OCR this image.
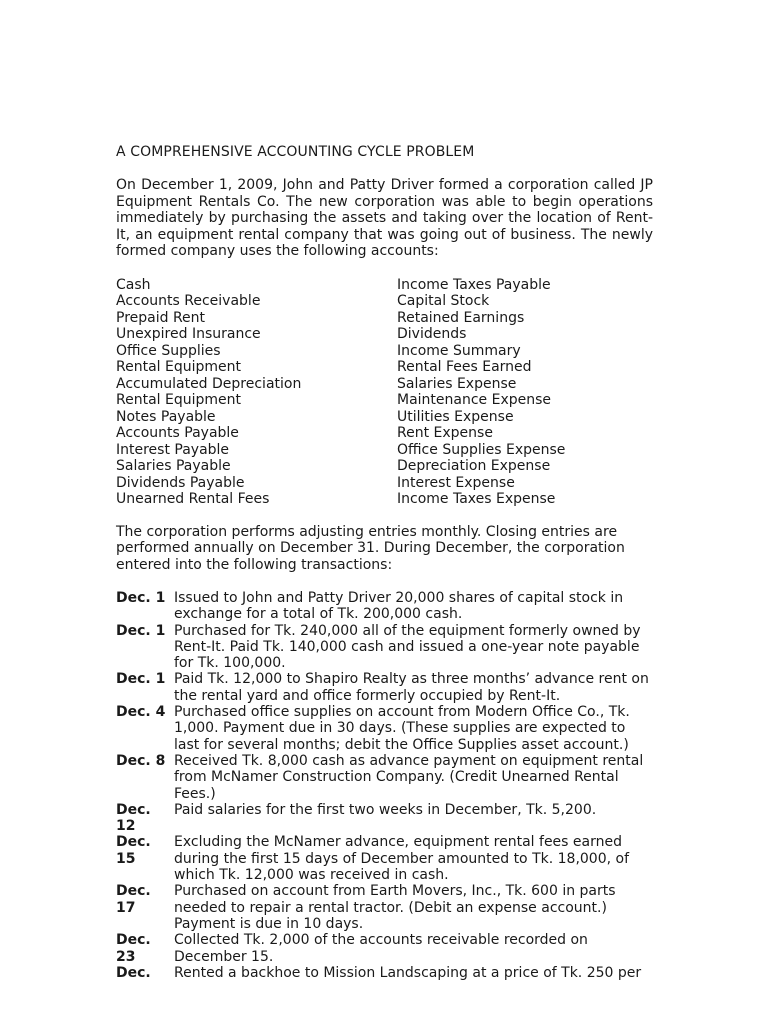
A COMPREHENSIVE ACCOUNTING CYCLE PROBLEM

On December 1, 2009, John and Patty Driver formed a corporation called JP Equipment Rentals Co. The new corporation was able to begin operations immediately by purchasing the assets and taking over the location of Rent-It, an equipment rental company that was going out of business. The newly formed company uses the following accounts:

Cash
Accounts Receivable
Prepaid Rent
Unexpired Insurance
Office Supplies
Rental Equipment
Accumulated Depreciation
Rental Equipment
Notes Payable
Accounts Payable
Interest Payable
Salaries Payable
Dividends Payable
Unearned Rental Fees
Income Taxes Payable
Capital Stock
Retained Earnings
Dividends
Income Summary
Rental Fees Earned
Salaries Expense
Maintenance Expense
Utilities Expense
Rent Expense
Office Supplies Expense
Depreciation Expense
Interest Expense
Income Taxes Expense

The corporation performs adjusting entries monthly. Closing entries are performed annually on December 31. During December, the corporation entered into the following transactions:

Dec. 1 Issued to John and Patty Driver 20,000 shares of capital stock in exchange for a total of Tk. 200,000 cash.
Dec. 1 Purchased for Tk. 240,000 all of the equipment formerly owned by Rent-It. Paid Tk. 140,000 cash and issued a one-year note payable for Tk. 100,000.
Dec. 1 Paid Tk. 12,000 to Shapiro Realty as three months’ advance rent on the rental yard and office formerly occupied by Rent-It.
Dec. 4 Purchased office supplies on account from Modern Office Co., Tk. 1,000. Payment due in 30 days. (These supplies are expected to last for several months; debit the Office Supplies asset account.)
Dec. 8 Received Tk. 8,000 cash as advance payment on equipment rental from McNamer Construction Company. (Credit Unearned Rental Fees.)
Dec. 12
Paid salaries for the first two weeks in December, Tk. 5,200.
Dec. 15
Excluding the McNamer advance, equipment rental fees earned during the first 15 days of December amounted to Tk. 18,000, of which Tk. 12,000 was received in cash.
Dec. 17
Purchased on account from Earth Movers, Inc., Tk. 600 in parts needed to repair a rental tractor. (Debit an expense account.) Payment is due in 10 days.
Dec. 23
Collected Tk. 2,000 of the accounts receivable recorded on December 15.
Dec.	Rented a backhoe to Mission Landscaping at a price of Tk. 250 per
